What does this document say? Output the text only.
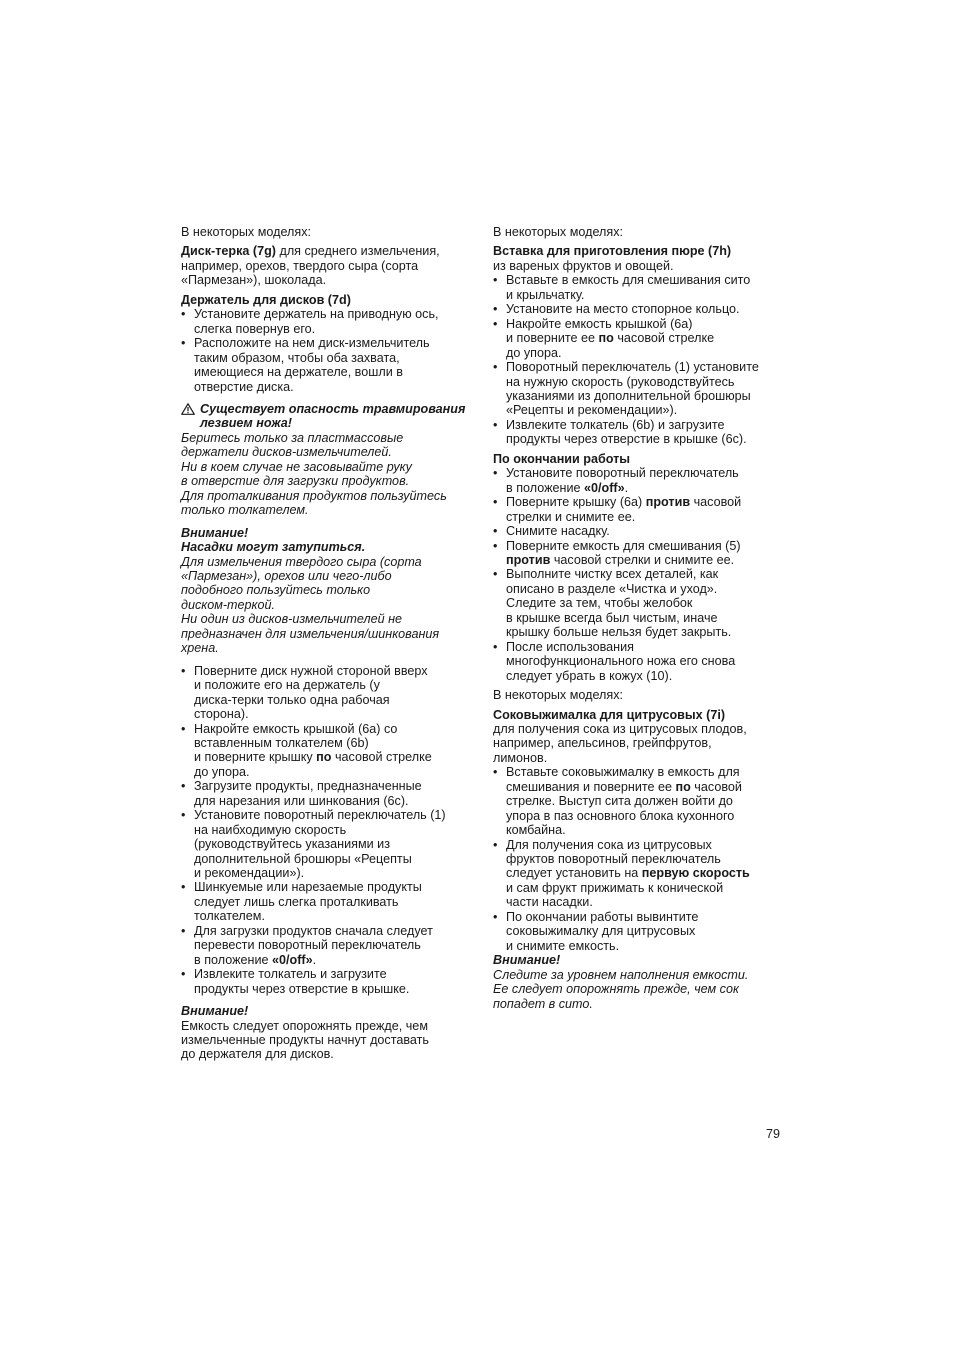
В некоторых моделях:

Диск-терка (7g) для среднего измельчения,
например, орехов, твердого сыра (сорта
«Пармезан»), шоколада.

Держатель для дисков (7d)

• Установите держатель на приводную ось,
слегка повернув его.
• Расположите на нем диск-измельчитель
таким образом, чтобы оба захвата,
имеющиеся на держателе, вошли в
отверстие диска.
Существует опасность травмирования
лезвием ножа!

Беритесь только за пластмассовые
держатели дисков-измельчителей.
Ни в коем случае не засовывайте руку
в отверстие для загрузки продуктов.
Для проталкивания продуктов пользуйтесь
только толкателем.

Внимание!
Насадки могут затупиться.

Для измельчения твердого сыра (сорта
«Пармезан»), орехов или чего-либо
подобного пользуйтесь только
диском-теркой.
Ни один из дисков-измельчителей не
предназначен для измельчения/шинкования
хрена.

• Поверните диск нужной стороной вверх
и положите его на держатель (у
диска-терки только одна рабочая
сторона).
• Накройте емкость крышкой (6a) со
вставленным толкателем (6b)
и поверните крышку по часовой стрелке
до упора.
• Загрузите продукты, предназначенные
для нарезания или шинкования (6c).
• Установите поворотный переключатель (1)
на наибходимую скорость
(руководствуйтесь указаниями из
дополнительной брошюры «Рецепты
и рекомендации»).
• Шинкуемые или нарезаемые продукты
следует лишь слегка проталкивать
толкателем.
• Для загрузки продуктов сначала следует
перевести поворотный переключатель
в положение «0/off».
• Извлеките толкатель и загрузите
продукты через отверстие в крышке.

Внимание!

Емкость следует опорожнять прежде, чем
измельченные продукты начнут доставать
до держателя для дисков.

В некоторых моделях:

Вставка для приготовления пюре (7h)

из вареных фруктов и овощей.

• Вставьте в емкость для смешивания сито
и крыльчатку.
• Установите на место стопорное кольцо.
• Накройте емкость крышкой (6a)
и поверните ее по часовой стрелке
до упора.
• Поворотный переключатель (1) установите
на нужную скорость (руководствуйтесь
указаниями из дополнительной брошюры
«Рецепты и рекомендации»).
• Извлеките толкатель (6b) и загрузите
продукты через отверстие в крышке (6c).

По окончании работы

• Установите поворотный переключатель
в положение «0/off».
• Поверните крышку (6a) против часовой
стрелки и снимите ее.
• Снимите насадку.
• Поверните емкость для смешивания (5)
против часовой стрелки и снимите ее.
• Выполните чистку всех деталей, как
описано в разделе «Чистка и уход».
Следите за тем, чтобы желобок
в крышке всегда был чистым, иначе
крышку больше нельзя будет закрыть.
• После использования
многофункционального ножа его снова
следует убрать в кожух (10).

В некоторых моделях:

Соковыжималка для цитрусовых (7i)

для получения сока из цитрусовых плодов,
например, апельсинов, грейпфрутов,
лимонов.

• Вставьте соковыжималку в емкость для
смешивания и поверните ее по часовой
стрелке. Выступ сита должен войти до
упора в паз основного блока кухонного
комбайна.
• Для получения сока из цитрусовых
фруктов поворотный переключатель
следует установить на первую скорость
и сам фрукт прижимать к конической
части насадки.
• По окончании работы вывинтите
соковыжималку для цитрусовых
и снимите емкость.

Внимание!

Следите за уровнем наполнения емкости.
Ее следует опорожнять прежде, чем сок
попадет в сито.

79
